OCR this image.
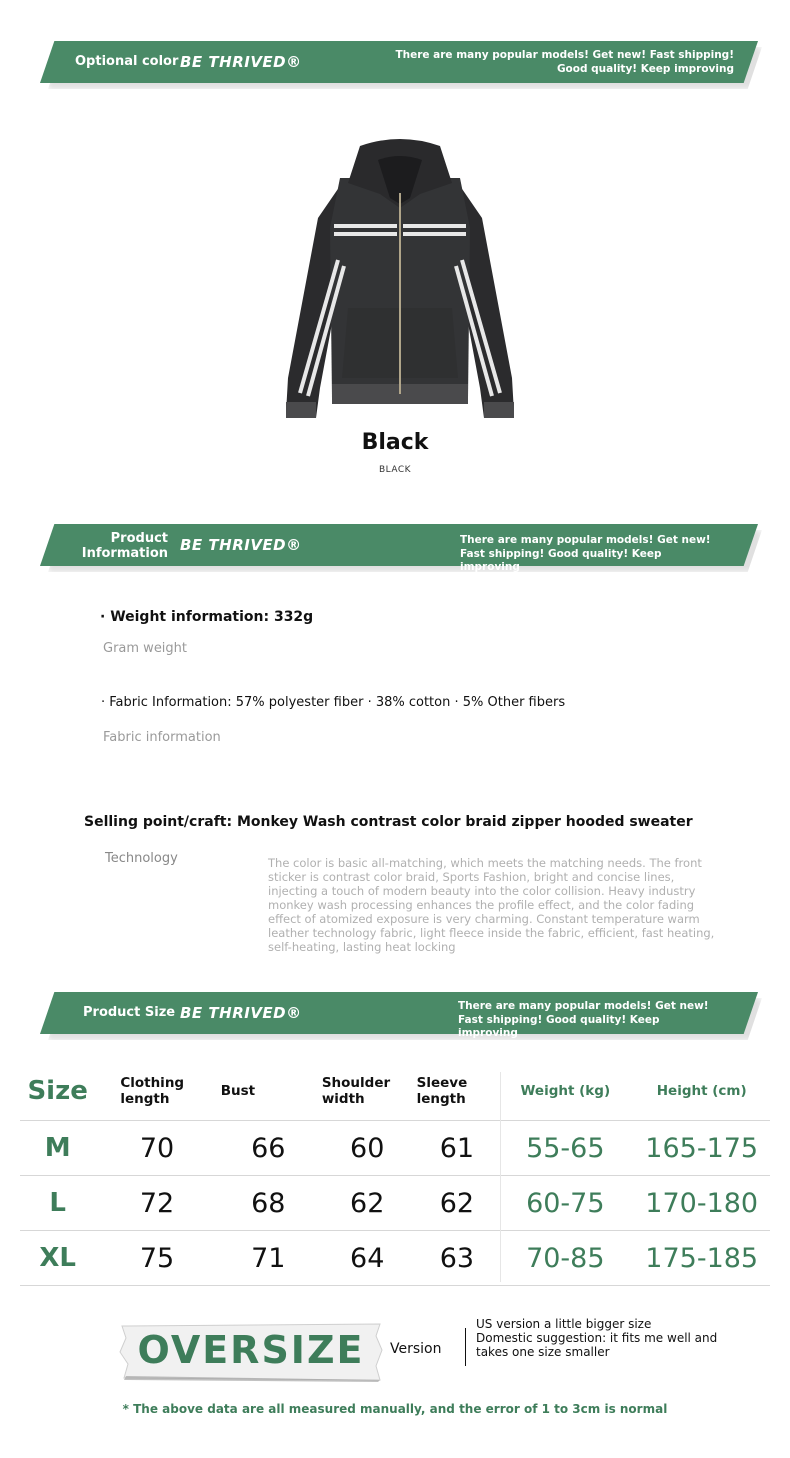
Optional color BE THRIVED®	There are many popular models! Get new! Fast shipping! Good quality! Keep improving
Black
BLACK
Product Information BE THRIVED®	There are many popular models! Get new! Fast shipping! Good quality! Keep improving
· Weight information: 332g
Gram weight
· Fabric Information: 57% polyester fiber · 38% cotton · 5% Other fibers
Fabric information
Selling point/craft: Monkey Wash contrast color braid zipper hooded sweater
Technology	The color is basic all-matching, which meets the matching needs. The front sticker is contrast color braid, Sports Fashion, bright and concise lines, injecting a touch of modern beauty into the color collision. Heavy industry monkey wash processing enhances the profile effect, and the color fading effect of atomized exposure is very charming. Constant temperature warm leather technology fabric, light fleece inside the fabric, efficient, fast heating, self-heating, lasting heat locking
Product Size BE THRIVED®	There are many popular models! Get new! Fast shipping! Good quality! Keep improving
Size	Clothing length	Bust	Shoulder width	Sleeve length	Weight (kg)	Height (cm)
M	70	66	60	61	55-65	165-175
L	72	68	62	62	60-75	170-180
XL	75	71	64	63	70-85	175-185
OVERSIZE	Version
US version a little bigger size
Domestic suggestion: it fits me well and takes one size smaller
* The above data are all measured manually, and the error of 1 to 3cm is normal
